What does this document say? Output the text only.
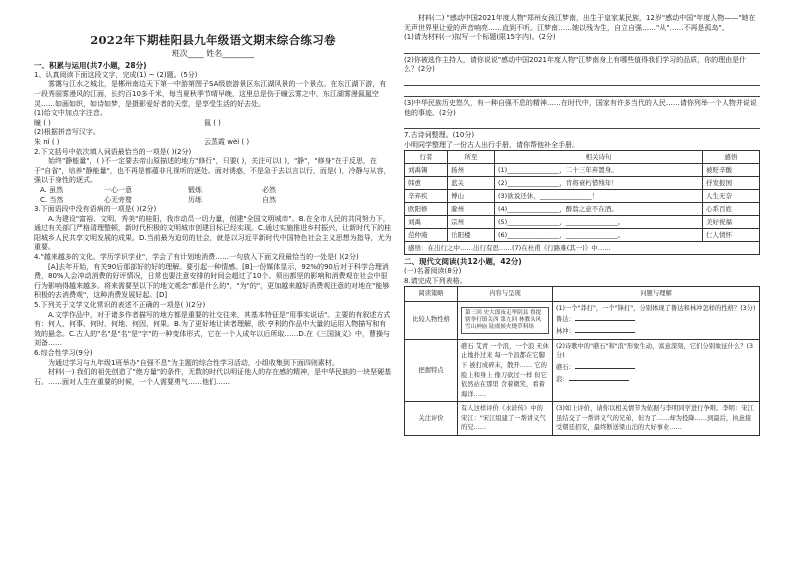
2022年下期桂阳县九年级语文期末综合练习卷
班次____ 姓名________
一、积累与运用(共7小题，28分)

1、认真阅读下面这段文字，完成(1) ~ (2)题。(5分)

雾霭与江水之城北，是郴州南边天下第一中游第图子SA级旅游景区东江湖风景的一个景点。在东江湖下游，有一段秀丽雾漫风的江面，长约百10多千米，每当夏秋季节晴早晚，这里总是伤于瞳云雾之中，东江湖雾漫氤氲空灵……如画如织，如诗如梦，是摄影爱好者的天堂，是享受生活的好去处。

(1)给文中加点字注音。

瞳 ( )	氤 ( )

(2)根据拼音写汉字。

朱 ní ( )	云蒸霞 wèi ( )

2.下文括号中依次填入词语最恰当的一项是( )(2分)

始终"静能量"，( )不一定要去帝山原描述的地方"修行"，只要( )，关注可以( )，"静"，"修身"在于反思，在于"自省"，培养"静能量"，也不再是都蕴非凡视听的逐处。面对诱惑，不是急于去以言以行，而是( )，冷静与从容，强以于身性的逐式。

A. 虽然	一心一意	锻炼	必然
C. 当然	心无旁鹜	历练	自然

3.下面语段中没有语病的一项是( )(2分)

A.为建设"富裕、文明、秀美"的桂阳，我市动员一切力量，创建"全国文明城市"。B.在全市人民的共同努力下，通过有关部门严格清理整顿，新时代积极的文明城市创建目标已经实现。C.通过实施推进乡村振兴，让新时代下的桂阳城乡人民共享文明发展的成果。D.当前最为迫切的社会，就是以习近平新时代中国特色社会主义思想为指导，尤为重要。

4."越来越多的文化、学历学识学业"，学会了有计划地消费……一句放入下面文段最恰当的一处是( )(2分)

[A]去年开始，有关90后那部好的好的理解。要引起一种情感。[B]一份媒体显示，92%的90后对于科学合理消费，80%人会冲动消费的好评情况，日常也要注意安排的时间会超过了10个。须出都坚的影响和消费观在社会中很行为影响得越来越多。将来需要坚以下的地文观念"都是什么的"，"为"的"，更加越来越好消费观注意的对地在"能够积极的去消费观"，这种消费发展好起。[D]

5.下列关于文学文化常识的表述不正确的一项是( )(2分)

A.文学作品中，对于诸多作者描写的地方都是重要的社交往来，其基本特征是"用事实说话"。主要的有叙述方式有：何人、何事、何时、何地、何因、何果。B.为了更好地让读者理解，欧·亨利的作品中大量的运用人物描写和有效的悬念。C.古人的"名"是"名"是"字"的一种变体形式，它在一个人成年以后所取……D.在《三国演义》中，曹操与刘备……

6.综合性学习(9分)

为通过学习与九年级1班举办"自强不息"为主题的综合性学习活动，小组收集到下面四则素材。

材料(一) 我们的祖先创造了"绝方量"的条件，无数的时代以明证他人的存在感的精神，是中华民族的一块坚硬基石。……面对人生在重要的时候，一个人需要勇气……他们……

材料(二) "感动中国2021年度人物"郑州女孩江梦南，出生于皇家某民族，12岁"感动中国"年度人物——"她在无声世界里让爱的声音响亮……直到不听。江梦南……她以残为生，自立自强……"从"……不再是孤岛"。

(1)请为材料(一)拟写一个标题(限15字内)。(2分)

(2)你被选作主持人，请你说说"感动中国2021年度人物"江梦南身上有哪些值得我们学习的品质，你的理由是什么？(2分)

(3)中华民族历史悠久，有一种自强不息的精神……在时代中，国家有许多当代的人民……请你列举一个人物并说说他的事迹。(2分)

7.古诗词整理。(10分)

小明同学整理了一份古人出行手册，请你帮他补全手册。

行者	所至	相关诗句	感悟
刘禹锡	扬州	(1)________________，二十三年弃置身。	被贬辛酸
韩愈	蓝关	(2)________________，肯将衰朽惜残年！	抒发报国
辛弃疾	博山	(3)欲说还休，________________！	人生无奈
欧阳修	滁州	(4)________________，醉翁之意不在酒。	心系百姓
刘禹	宗州	(5)________________，________________。	美好祝福
范仲淹	岳阳楼	(6)________________，________________。	仁人情怀
感悟：在出行之中……出行有思……(7)在杜甫《行路难(其一)》中……			
二、现代文阅读(共12小题，42分)

(一)名著阅读(8分)

8.请完成下列表格。

阅读策略	内容与呈现	问题与理解
比较人物性格	第三回 史大郎夜走华阴县 鲁提辖拳打镇关西 第九回 林教头风雪山神庙 陆虞候火烧草料场	(1)一个"莽打"，一个"锋打"，分别体现了鲁达和林冲怎样的性格？(3分)
鲁达：
林冲：

把握特点	礁石 艾青 一个浪，一个浪 无休止地扑过来 每一个浪都在它脚下 被打成碎末，散开…… 它的脸上和身上 像刀砍过一样 但它依然站在那里 含着微笑，看着海洋……	(2)诗歌中的"礁石"和"浪"形象生动，富意深刻，它们分别象征什么？(3分)
礁石：
浪：

关注评价	有人这样评价《水浒传》中的宋江："宋江组建了一帮讲义气的兄……	(3)如上评价，请你以相关情节为依据与李明同学进行争辩。李明：宋江虽结交了一帮讲义气的兄弟，但为了……却为投降……到最后，执意接受朝廷招安，最终断送梁山泊的大好事业……
